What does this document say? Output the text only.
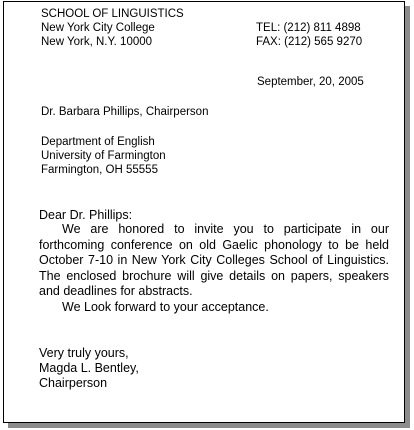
SCHOOL OF LINGUISTICS
New York City College
New York, N.Y. 10000
TEL: (212) 811 4898
FAX: (212) 565 9270
September, 20, 2005
Dr. Barbara Phillips, Chairperson
Department of English
University of Farmington
Farmington, OH 55555
Dear Dr. Phillips:

We are honored to invite you to participate in our forthcoming conference on old Gaelic phonology to be held October 7-10 in New York City Colleges School of Linguistics. The enclosed brochure will give details on papers, speakers and deadlines for abstracts.

We Look forward to your acceptance.

Very truly yours,
Magda L. Bentley,
Chairperson
